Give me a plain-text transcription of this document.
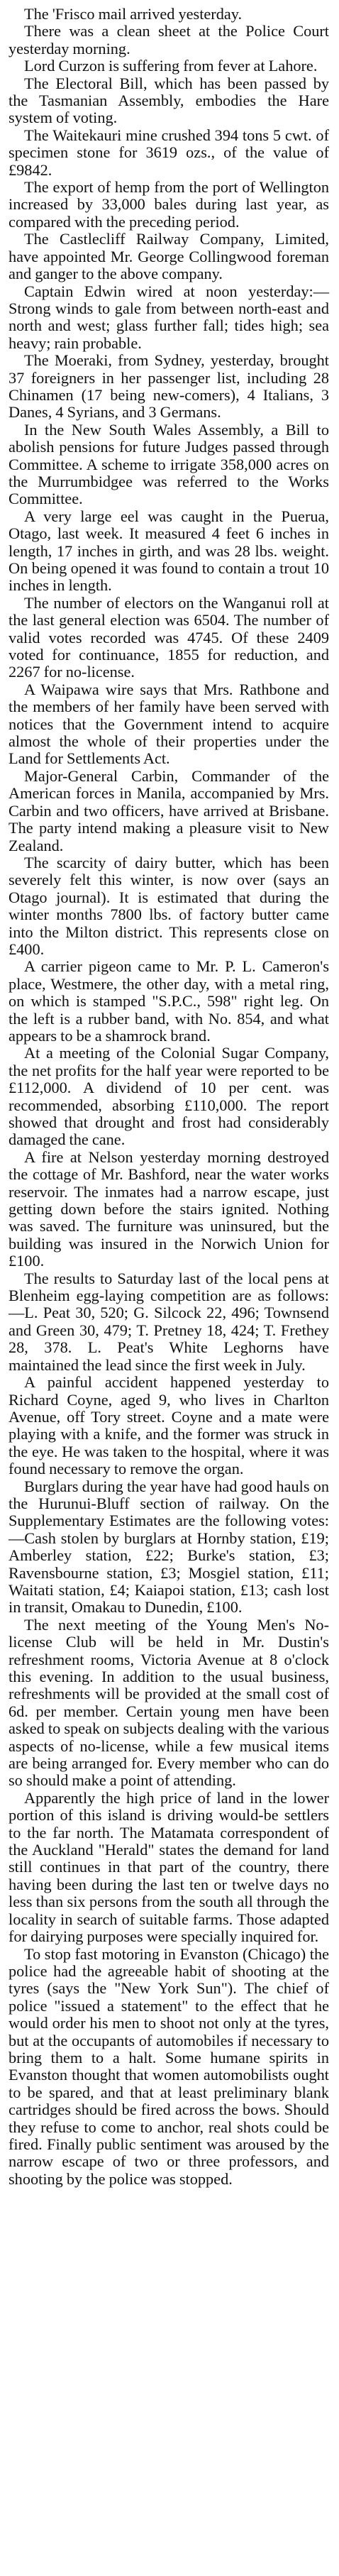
The 'Frisco mail arrived yesterday.

There was a clean sheet at the Police Court yesterday morning.

Lord Curzon is suffering from fever at Lahore.

The Electoral Bill, which has been passed by the Tasmanian Assembly, embodies the Hare system of voting.

The Waitekauri mine crushed 394 tons 5 cwt. of specimen stone for 3619 ozs., of the value of £9842.

The export of hemp from the port of Wellington increased by 33,000 bales during last year, as compared with the preceding period.

The Castlecliff Railway Company, Limited, have appointed Mr. George Collingwood foreman and ganger to the above company.

Captain Edwin wired at noon yesterday:—Strong winds to gale from between north-east and north and west; glass further fall; tides high; sea heavy; rain probable.

The Moeraki, from Sydney, yesterday, brought 37 foreigners in her passenger list, including 28 Chinamen (17 being new-comers), 4 Italians, 3 Danes, 4 Syrians, and 3 Germans.

In the New South Wales Assembly, a Bill to abolish pensions for future Judges passed through Committee. A scheme to irrigate 358,000 acres on the Murrumbidgee was referred to the Works Committee.

A very large eel was caught in the Puerua, Otago, last week. It measured 4 feet 6 inches in length, 17 inches in girth, and was 28 lbs. weight. On being opened it was found to contain a trout 10 inches in length.

The number of electors on the Wanganui roll at the last general election was 6504. The number of valid votes recorded was 4745. Of these 2409 voted for continuance, 1855 for reduction, and 2267 for no-license.

A Waipawa wire says that Mrs. Rathbone and the members of her family have been served with notices that the Government intend to acquire almost the whole of their properties under the Land for Settlements Act.

Major-General Carbin, Commander of the American forces in Manila, accompanied by Mrs. Carbin and two officers, have arrived at Brisbane. The party intend making a pleasure visit to New Zealand.

The scarcity of dairy butter, which has been severely felt this winter, is now over (says an Otago journal). It is estimated that during the winter months 7800 lbs. of factory butter came into the Milton district. This represents close on £400.

A carrier pigeon came to Mr. P. L. Cameron's place, Westmere, the other day, with a metal ring, on which is stamped "S.P.C., 598" right leg. On the left is a rubber band, with No. 854, and what appears to be a shamrock brand.

At a meeting of the Colonial Sugar Company, the net profits for the half year were reported to be £112,000. A dividend of 10 per cent. was recommended, absorbing £110,000. The report showed that drought and frost had considerably damaged the cane.

A fire at Nelson yesterday morning destroyed the cottage of Mr. Bashford, near the water works reservoir. The inmates had a narrow escape, just getting down before the stairs ignited. Nothing was saved. The furniture was uninsured, but the building was insured in the Norwich Union for £100.

The results to Saturday last of the local pens at Blenheim egg-laying competition are as follows:—L. Peat 30, 520; G. Silcock 22, 496; Townsend and Green 30, 479; T. Pretney 18, 424; T. Frethey 28, 378. L. Peat's White Leghorns have maintained the lead since the first week in July.

A painful accident happened yesterday to Richard Coyne, aged 9, who lives in Charlton Avenue, off Tory street. Coyne and a mate were playing with a knife, and the former was struck in the eye. He was taken to the hospital, where it was found necessary to remove the organ.

Burglars during the year have had good hauls on the Hurunui-Bluff section of railway. On the Supplementary Estimates are the following votes:—Cash stolen by burglars at Hornby station, £19; Amberley station, £22; Burke's station, £3; Ravensbourne station, £3; Mosgiel station, £11; Waitati station, £4; Kaiapoi station, £13; cash lost in transit, Omakau to Dunedin, £100.

The next meeting of the Young Men's No-license Club will be held in Mr. Dustin's refreshment rooms, Victoria Avenue at 8 o'clock this evening. In addition to the usual business, refreshments will be provided at the small cost of 6d. per member. Certain young men have been asked to speak on subjects dealing with the various aspects of no-license, while a few musical items are being arranged for. Every member who can do so should make a point of attending.

Apparently the high price of land in the lower portion of this island is driving would-be settlers to the far north. The Matamata correspondent of the Auckland "Herald" states the demand for land still continues in that part of the country, there having been during the last ten or twelve days no less than six persons from the south all through the locality in search of suitable farms. Those adapted for dairying purposes were specially inquired for.

To stop fast motoring in Evanston (Chicago) the police had the agreeable habit of shooting at the tyres (says the "New York Sun"). The chief of police "issued a statement" to the effect that he would order his men to shoot not only at the tyres, but at the occupants of automobiles if necessary to bring them to a halt. Some humane spirits in Evanston thought that women automobilists ought to be spared, and that at least preliminary blank cartridges should be fired across the bows. Should they refuse to come to anchor, real shots could be fired. Finally public sentiment was aroused by the narrow escape of two or three professors, and shooting by the police was stopped.
